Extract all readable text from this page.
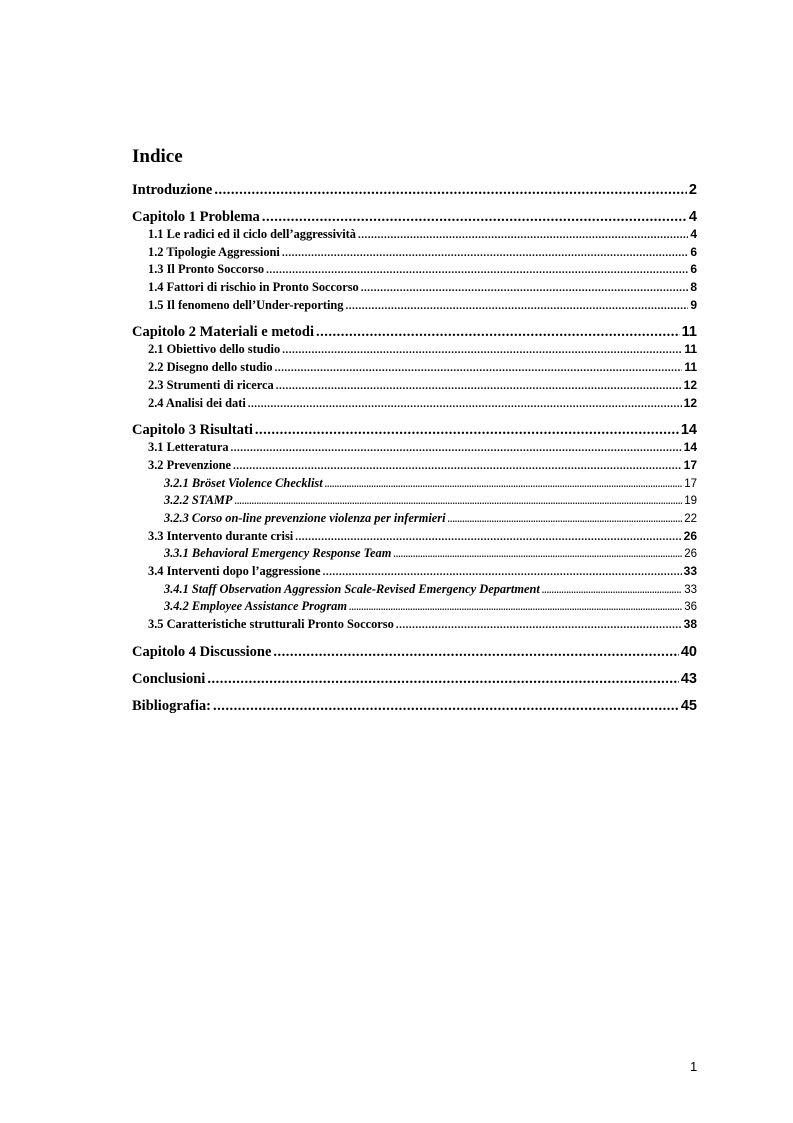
Indice
Introduzione .....	2
Capitolo 1 Problema .....	4
1.1 Le radici ed il ciclo dell’aggressività .....	4
1.2 Tipologie Aggressioni .....	6
1.3 Il Pronto Soccorso .....	6
1.4 Fattori di rischio in Pronto Soccorso .....	8
1.5 Il fenomeno dell’Under-reporting .....	9
Capitolo 2 Materiali e metodi .....	11
2.1 Obiettivo dello studio .....	11
2.2 Disegno dello studio .....	11
2.3 Strumenti di ricerca .....	12
2.4 Analisi dei dati .....	12
Capitolo 3 Risultati .....	14
3.1 Letteratura .....	14
3.2 Prevenzione .....	17
3.2.1 Bröset Violence Checklist .....	17
3.2.2 STAMP .....	19
3.2.3 Corso on-line prevenzione violenza per infermieri .....	22
3.3 Intervento durante crisi .....	26
3.3.1 Behavioral Emergency Response Team .....	26
3.4 Interventi dopo l’aggressione .....	33
3.4.1 Staff Observation Aggression Scale-Revised Emergency Department .....	33
3.4.2 Employee Assistance Program .....	36
3.5 Caratteristiche strutturali Pronto Soccorso .....	38
Capitolo 4 Discussione .....	40
Conclusioni .....	43
Bibliografia: .....	45
1
